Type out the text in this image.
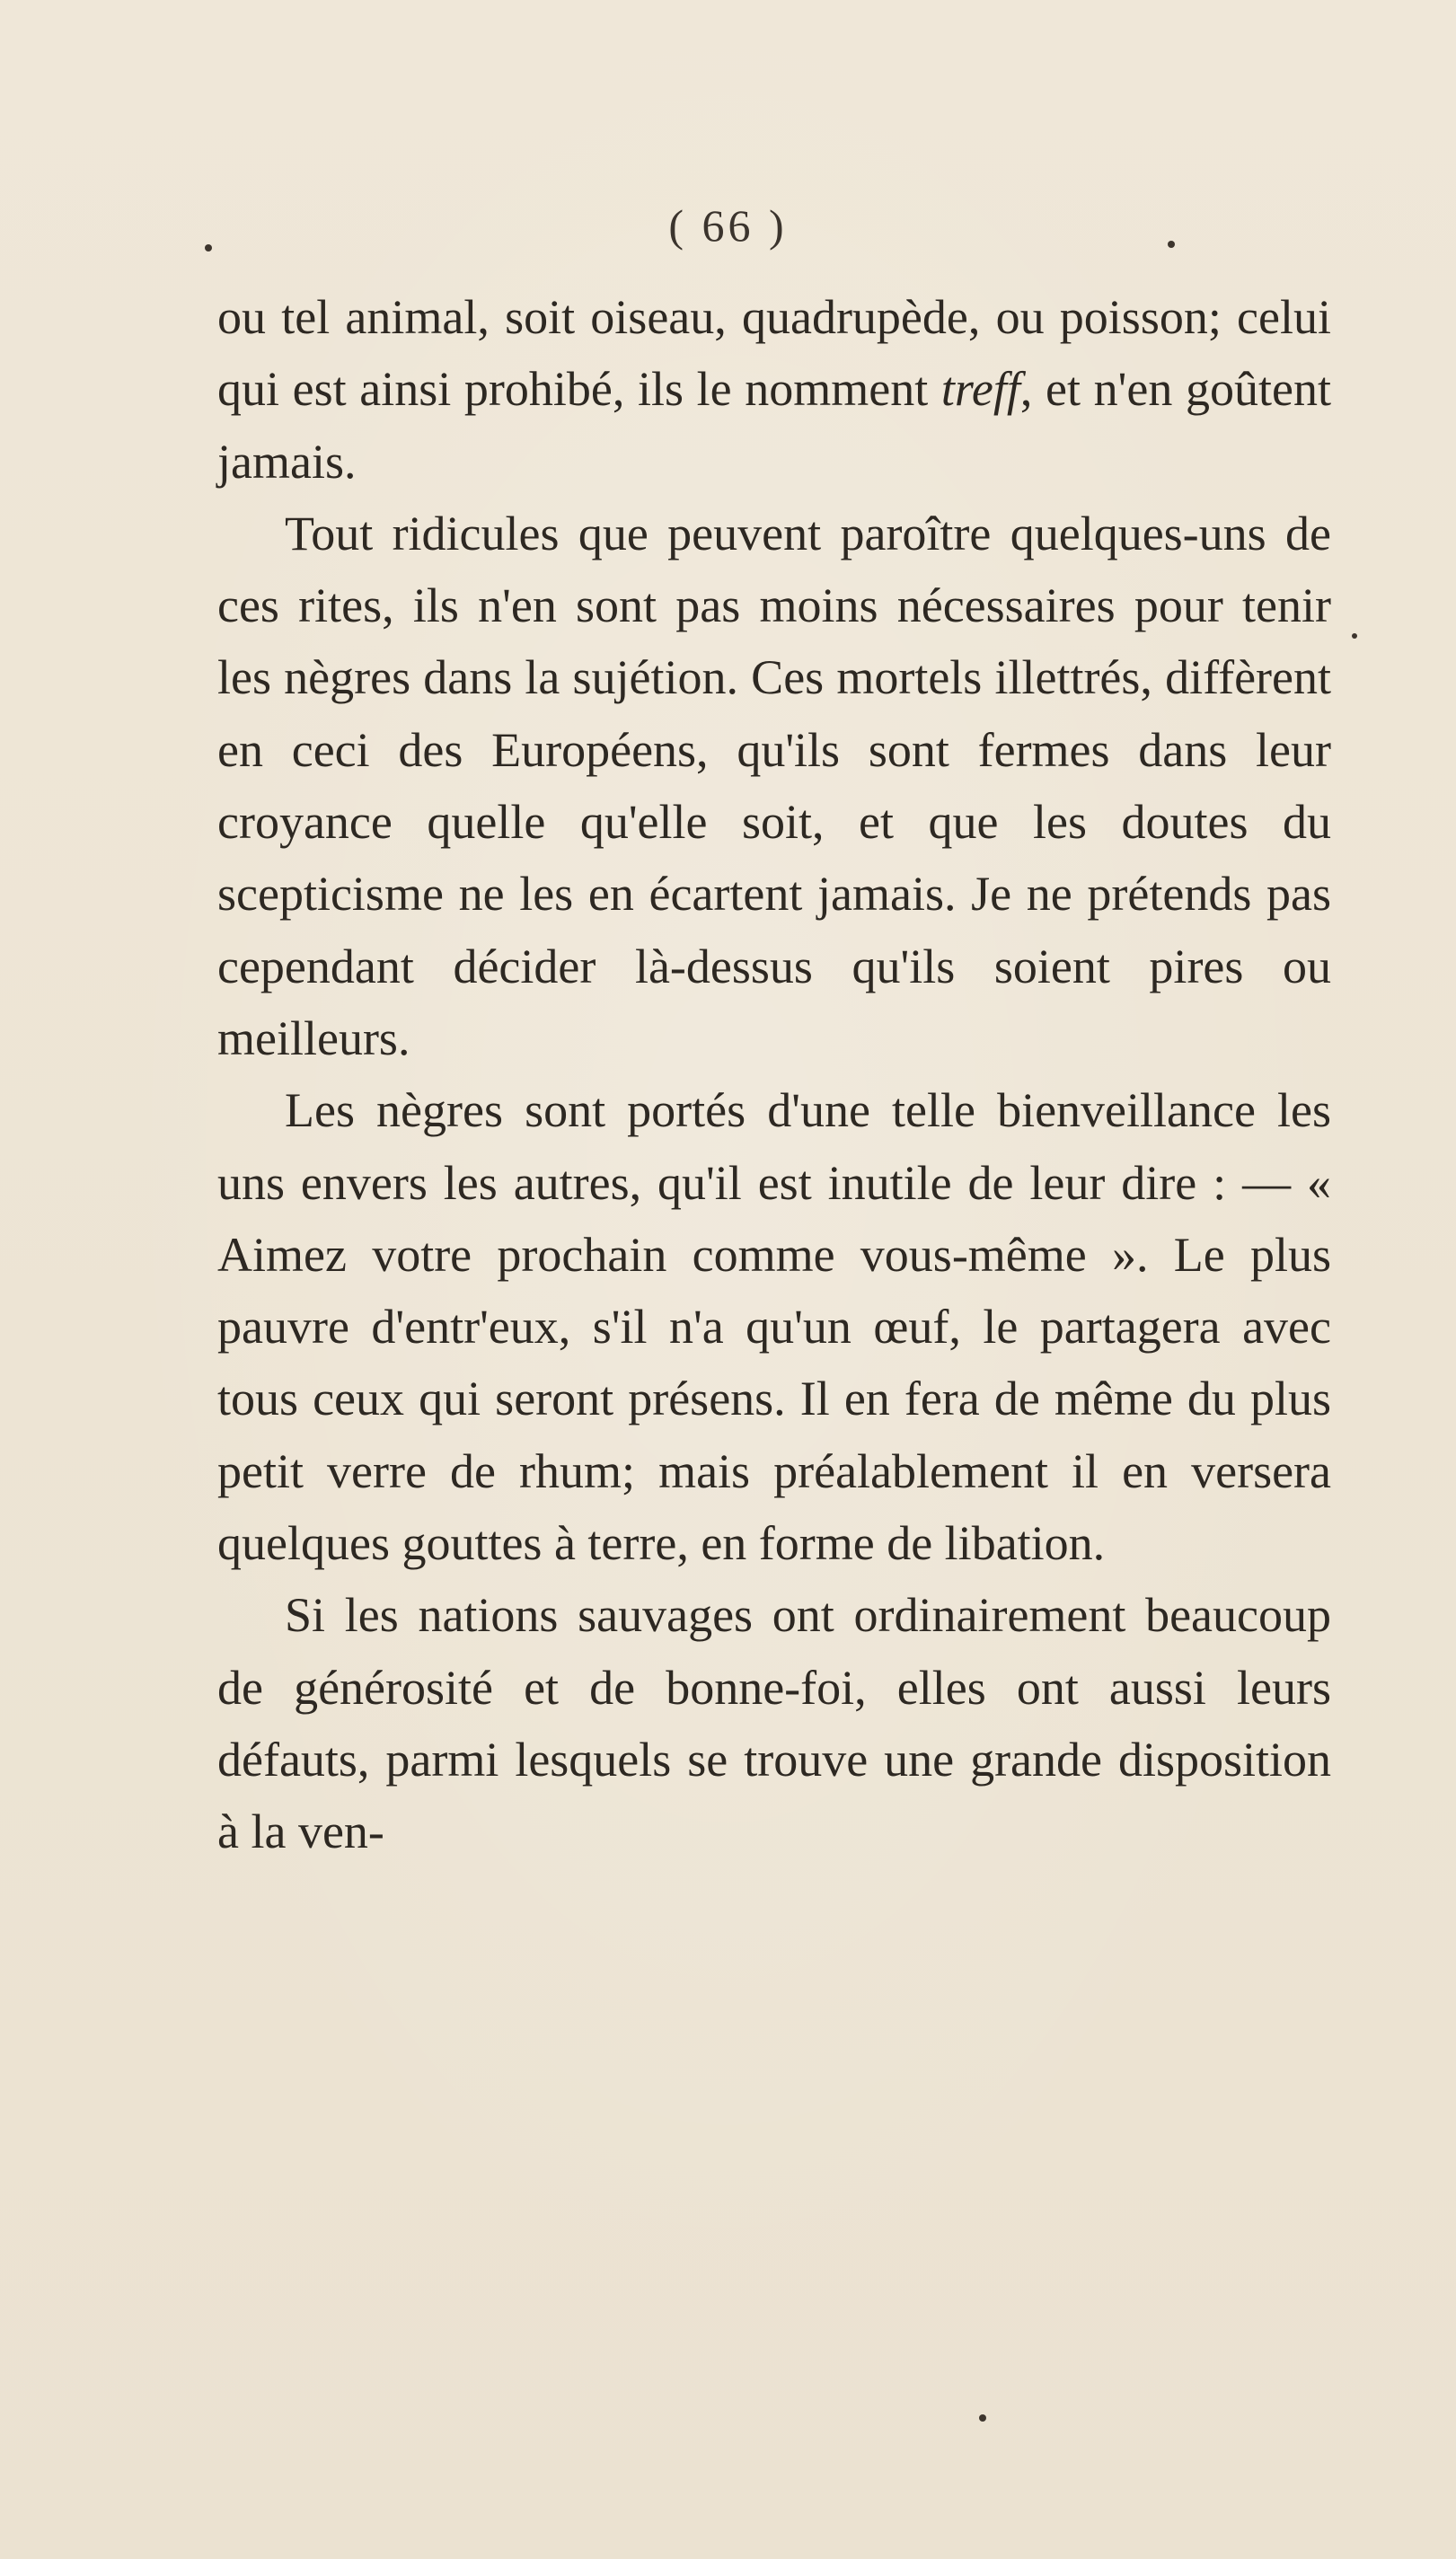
( 66 )

ou tel animal, soit oiseau, quadrupède, ou poisson; celui qui est ainsi prohibé, ils le nomment treff, et n'en goûtent jamais.

Tout ridicules que peuvent paroître quelques-uns de ces rites, ils n'en sont pas moins nécessaires pour tenir les nègres dans la sujétion. Ces mortels illettrés, diffèrent en ceci des Européens, qu'ils sont fermes dans leur croyance quelle qu'elle soit, et que les doutes du scepticisme ne les en écartent jamais. Je ne prétends pas cependant décider là-dessus qu'ils soient pires ou meilleurs.

Les nègres sont portés d'une telle bienveillance les uns envers les autres, qu'il est inutile de leur dire : — « Aimez votre prochain comme vous-même ». Le plus pauvre d'entr'eux, s'il n'a qu'un œuf, le partagera avec tous ceux qui seront présens. Il en fera de même du plus petit verre de rhum; mais préalablement il en versera quelques gouttes à terre, en forme de libation.

Si les nations sauvages ont ordinairement beaucoup de générosité et de bonne-foi, elles ont aussi leurs défauts, parmi lesquels se trouve une grande disposition à la ven-
